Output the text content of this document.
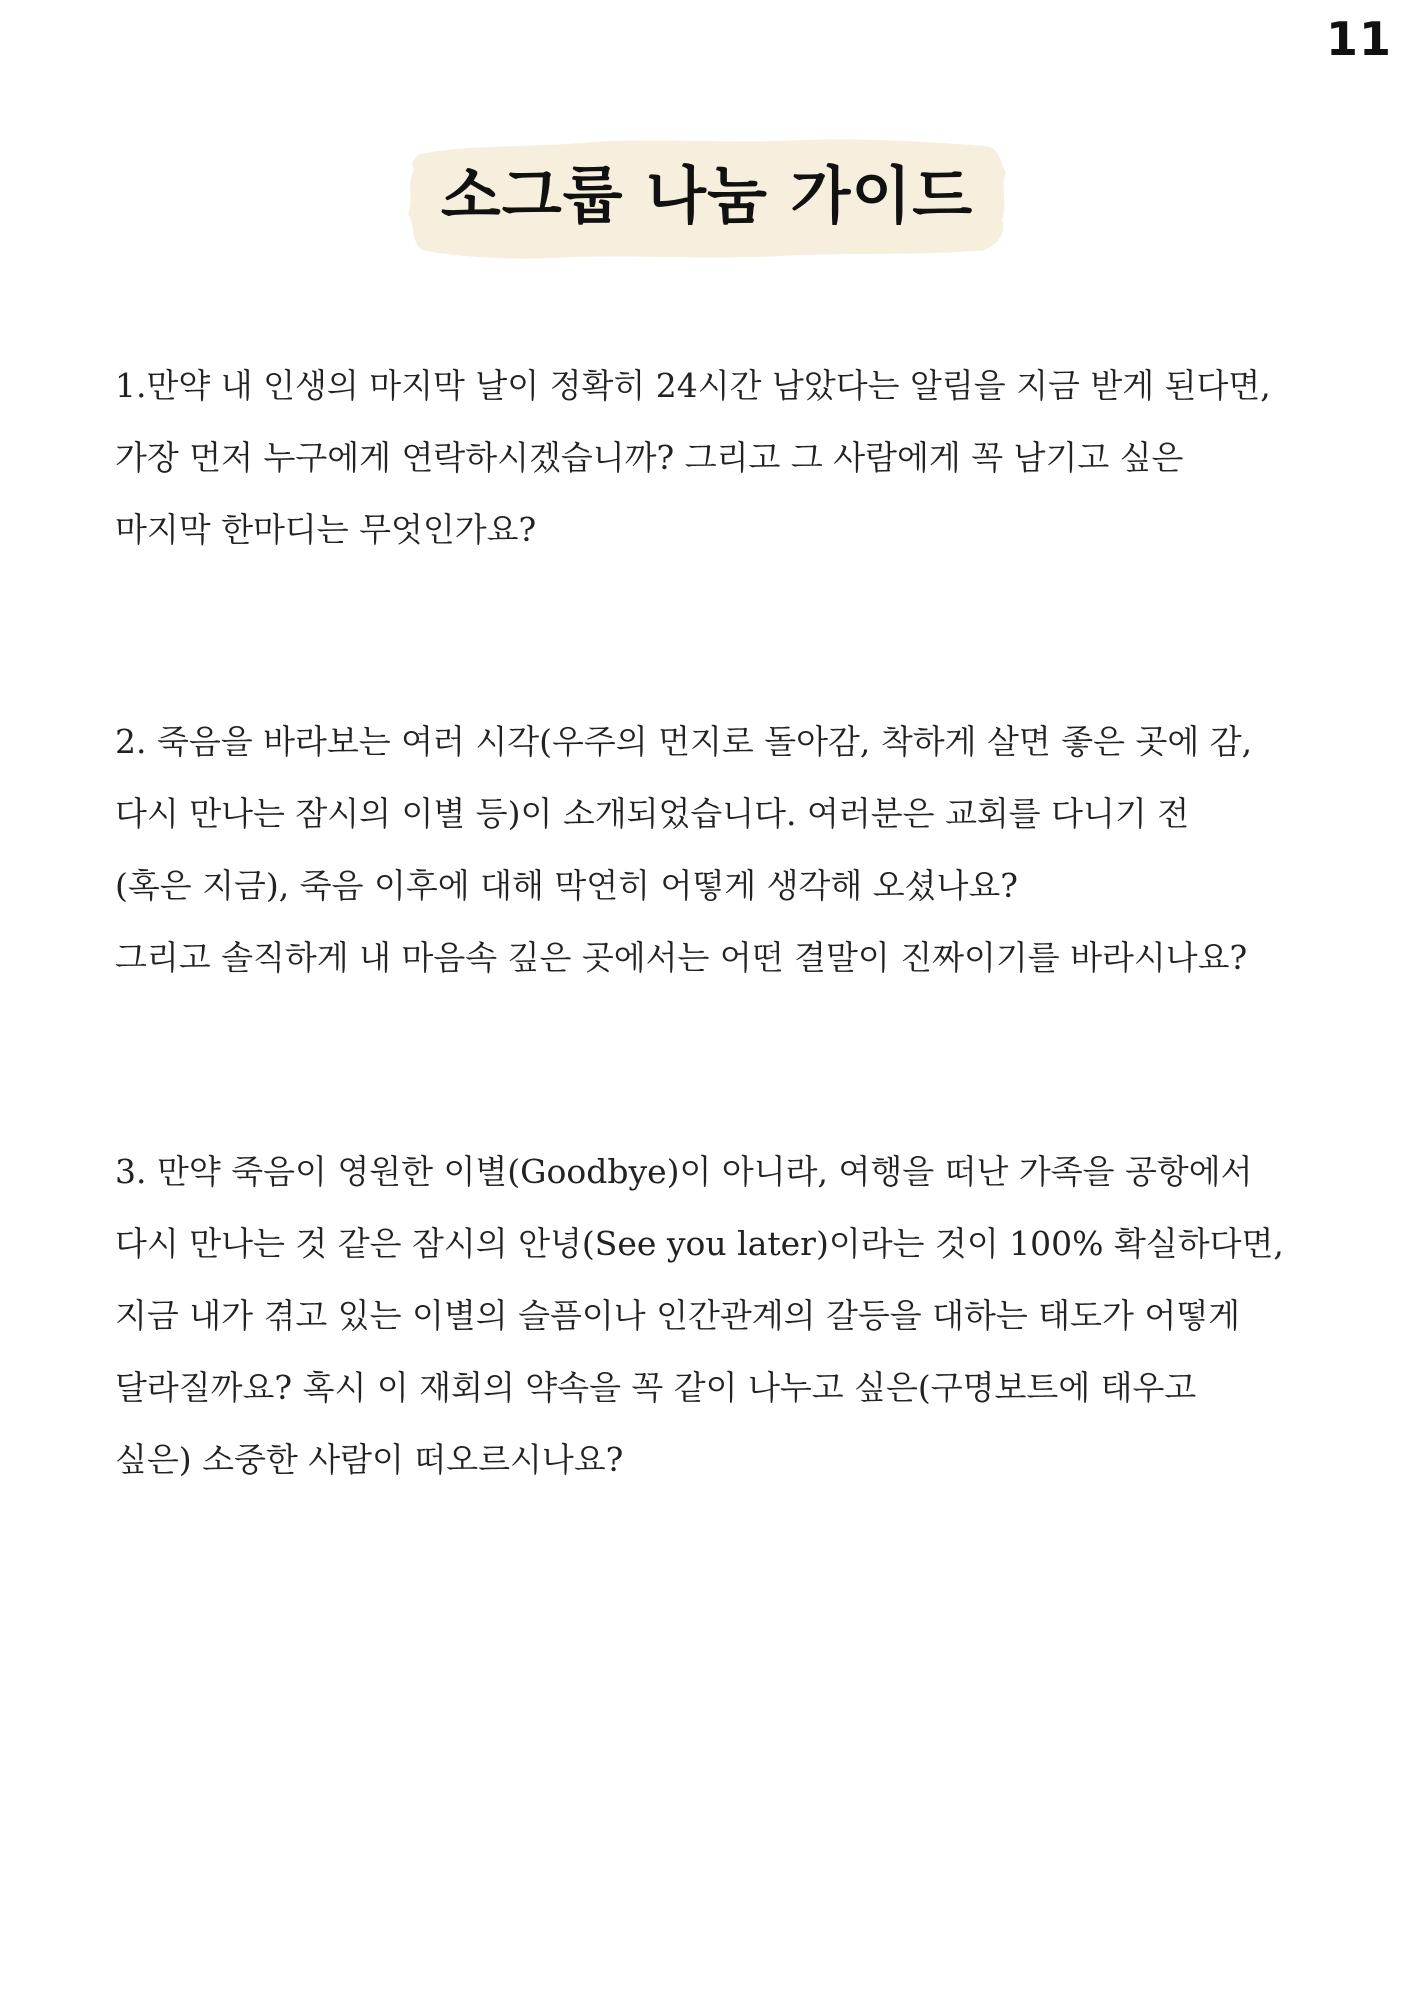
11
소그룹 나눔 가이드
1.만약 내 인생의 마지막 날이 정확히 24시간 남았다는 알림을 지금 받게 된다면,
가장 먼저 누구에게 연락하시겠습니까? 그리고 그 사람에게 꼭 남기고 싶은
마지막 한마디는 무엇인가요?
2. 죽음을 바라보는 여러 시각(우주의 먼지로 돌아감, 착하게 살면 좋은 곳에 감,
다시 만나는 잠시의 이별 등)이 소개되었습니다. 여러분은 교회를 다니기 전
(혹은 지금), 죽음 이후에 대해 막연히 어떻게 생각해 오셨나요?
그리고 솔직하게 내 마음속 깊은 곳에서는 어떤 결말이 진짜이기를 바라시나요?
3. 만약 죽음이 영원한 이별(Goodbye)이 아니라, 여행을 떠난 가족을 공항에서
다시 만나는 것 같은 잠시의 안녕(See you later)이라는 것이 100% 확실하다면,
지금 내가 겪고 있는 이별의 슬픔이나 인간관계의 갈등을 대하는 태도가 어떻게
달라질까요? 혹시 이 재회의 약속을 꼭 같이 나누고 싶은(구명보트에 태우고
싶은) 소중한 사람이 떠오르시나요?
